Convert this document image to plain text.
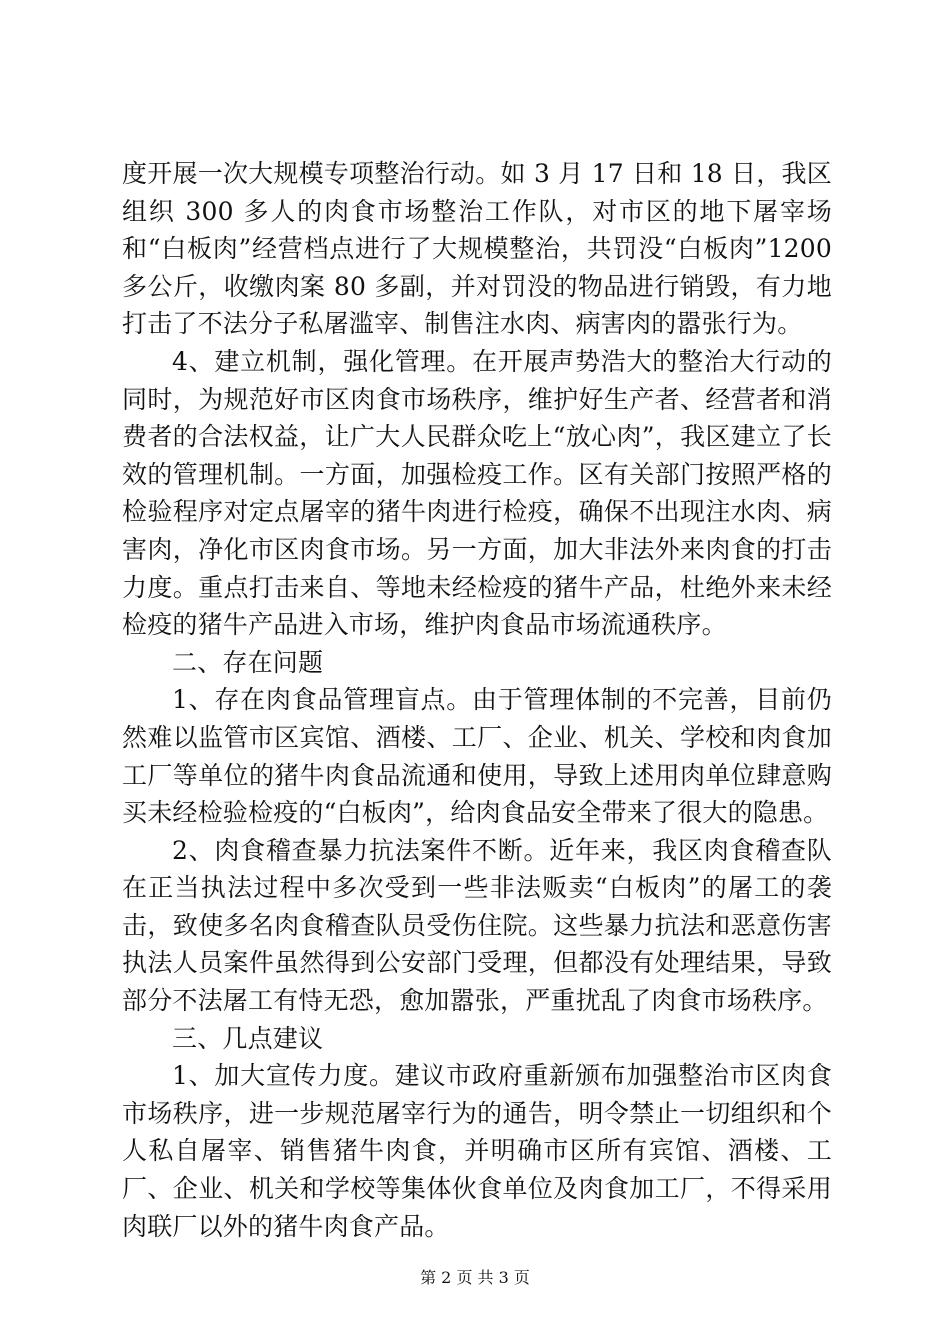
度开展一次大规模专项整治行动。如 3 月 17 日和 18 日，我区组织 300 多人的肉食市场整治工作队，对市区的地下屠宰场和“白板肉”经营档点进行了大规模整治，共罚没“白板肉”1200 多公斤，收缴肉案 80 多副，并对罚没的物品进行销毁，有力地打击了不法分子私屠滥宰、制售注水肉、病害肉的嚣张行为。

4、建立机制，强化管理。在开展声势浩大的整治大行动的同时，为规范好市区肉食市场秩序，维护好生产者、经营者和消费者的合法权益，让广大人民群众吃上“放心肉”，我区建立了长效的管理机制。一方面，加强检疫工作。区有关部门按照严格的检验程序对定点屠宰的猪牛肉进行检疫，确保不出现注水肉、病害肉，净化市区肉食市场。另一方面，加大非法外来肉食的打击力度。重点打击来自、等地未经检疫的猪牛产品，杜绝外来未经检疫的猪牛产品进入市场，维护肉食品市场流通秩序。

二、存在问题

1、存在肉食品管理盲点。由于管理体制的不完善，目前仍然难以监管市区宾馆、酒楼、工厂、企业、机关、学校和肉食加工厂等单位的猪牛肉食品流通和使用，导致上述用肉单位肆意购买未经检验检疫的“白板肉”，给肉食品安全带来了很大的隐患。

2、肉食稽查暴力抗法案件不断。近年来，我区肉食稽查队在正当执法过程中多次受到一些非法贩卖“白板肉”的屠工的袭击，致使多名肉食稽查队员受伤住院。这些暴力抗法和恶意伤害执法人员案件虽然得到公安部门受理，但都没有处理结果，导致部分不法屠工有恃无恐，愈加嚣张，严重扰乱了肉食市场秩序。

三、几点建议

1、加大宣传力度。建议市政府重新颁布加强整治市区肉食市场秩序，进一步规范屠宰行为的通告，明令禁止一切组织和个人私自屠宰、销售猪牛肉食，并明确市区所有宾馆、酒楼、工厂、企业、机关和学校等集体伙食单位及肉食加工厂，不得采用肉联厂以外的猪牛肉食产品。

第 2 页 共 3 页
